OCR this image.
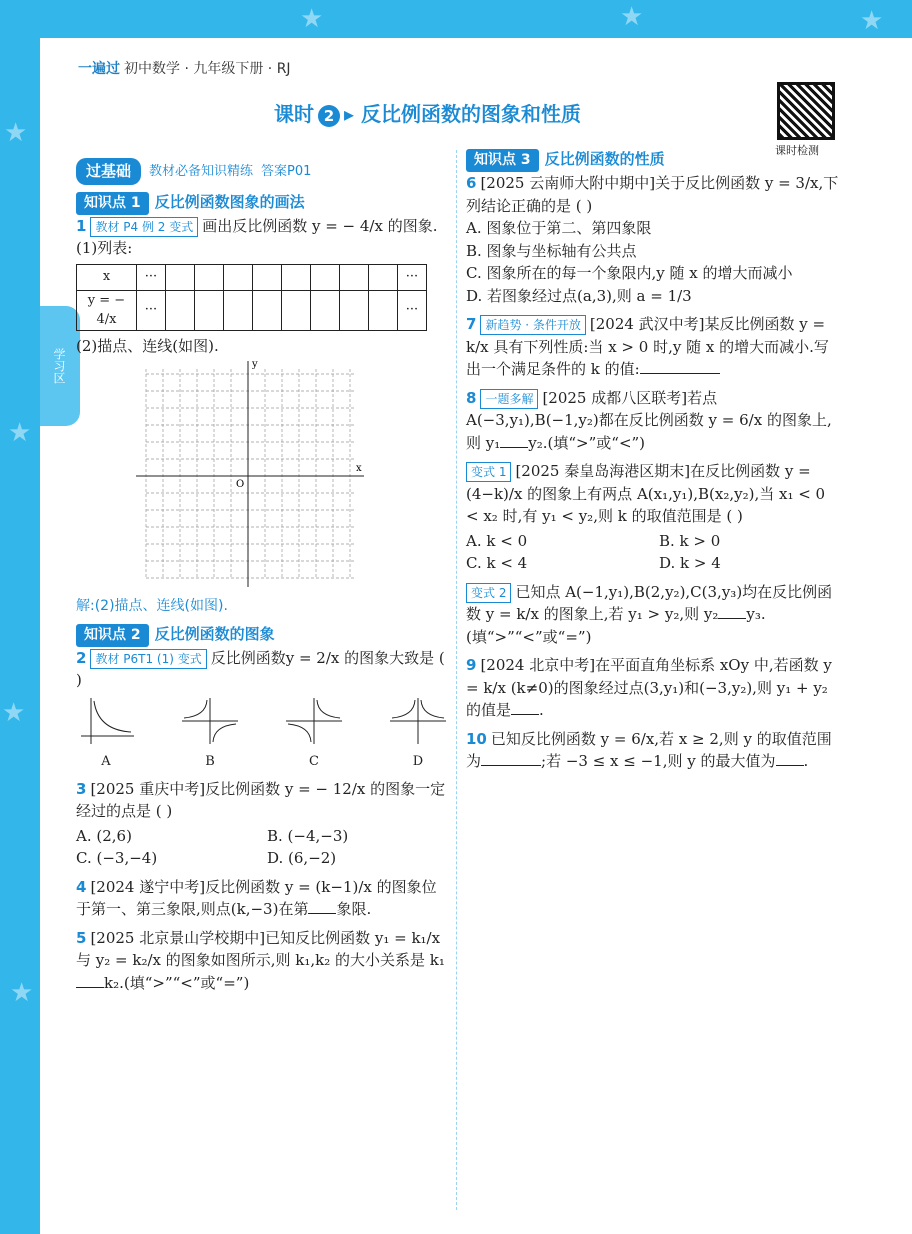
★
★
★
★
★	★	★
一遍过 初中数学 · 九年级下册 · RJ
课时 2 ▸ 反比例函数的图象和性质
课时检测
学习区
过基础	教材必备知识精练 答案P01
知识点 1 反比例函数图象的画法
1 教材 P4 例 2 变式 画出反比例函数 y = − 4/x 的图象.
(1)列表:
x	···									···
y = − 4/x	···									···
(2)描点、连线(如图).
x
y
O
解:(2)描点、连线(如图).
知识点 2 反比例函数的图象
2 教材 P6T1 (1) 变式 反比例函数y = 2/x 的图象大致是 ( )
A	B	C	D
3 [2025 重庆中考]反比例函数 y = − 12/x 的图象一定经过的点是 ( )
A. (2,6)	B. (−4,−3)
C. (−3,−4)	D. (6,−2)
4 [2024 遂宁中考]反比例函数 y = (k−1)/x 的图象位于第一、第三象限,则点(k,−3)在第 象限.
5 [2025 北京景山学校期中]已知反比例函数 y₁ = k₁/x 与 y₂ = k₂/x 的图象如图所示,则 k₁,k₂ 的大小关系是 k₁k₂.(填“>”“<”或“=”)
知识点 3 反比例函数的性质
6 [2025 云南师大附中期中]关于反比例函数 y = 3/x,下列结论正确的是 ( )
A. 图象位于第二、第四象限
B. 图象与坐标轴有公共点
C. 图象所在的每一个象限内,y 随 x 的增大而减小
D. 若图象经过点(a,3),则 a = 1/3
7 新趋势 · 条件开放 [2024 武汉中考]某反比例函数 y = k/x 具有下列性质:当 x > 0 时,y 随 x 的增大而减小.写出一个满足条件的 k 的值:
8 一题多解 [2025 成都八区联考]若点 A(−3,y₁),B(−1,y₂)都在反比例函数 y = 6/x 的图象上,则 y₁ y₂.(填“>”或“<”)
变式 1 [2025 秦皇岛海港区期末]在反比例函数 y = (4−k)/x 的图象上有两点 A(x₁,y₁),B(x₂,y₂),当 x₁ < 0 < x₂ 时,有 y₁ < y₂,则 k 的取值范围是 ( )
A. k < 0	B. k > 0
C. k < 4	D. k > 4
变式 2 已知点 A(−1,y₁),B(2,y₂),C(3,y₃)均在反比例函数 y = k/x 的图象上,若 y₁ > y₂,则 y₂ y₃.(填“>”“<”或“=”)
9 [2024 北京中考]在平面直角坐标系 xOy 中,若函数 y = k/x (k≠0)的图象经过点(3,y₁)和(−3,y₂),则 y₁ + y₂ 的值是 .
10 已知反比例函数 y = 6/x,若 x ≥ 2,则 y 的取值范围为	;若 −3 ≤ x ≤ −1,则 y 的最大值为 .
